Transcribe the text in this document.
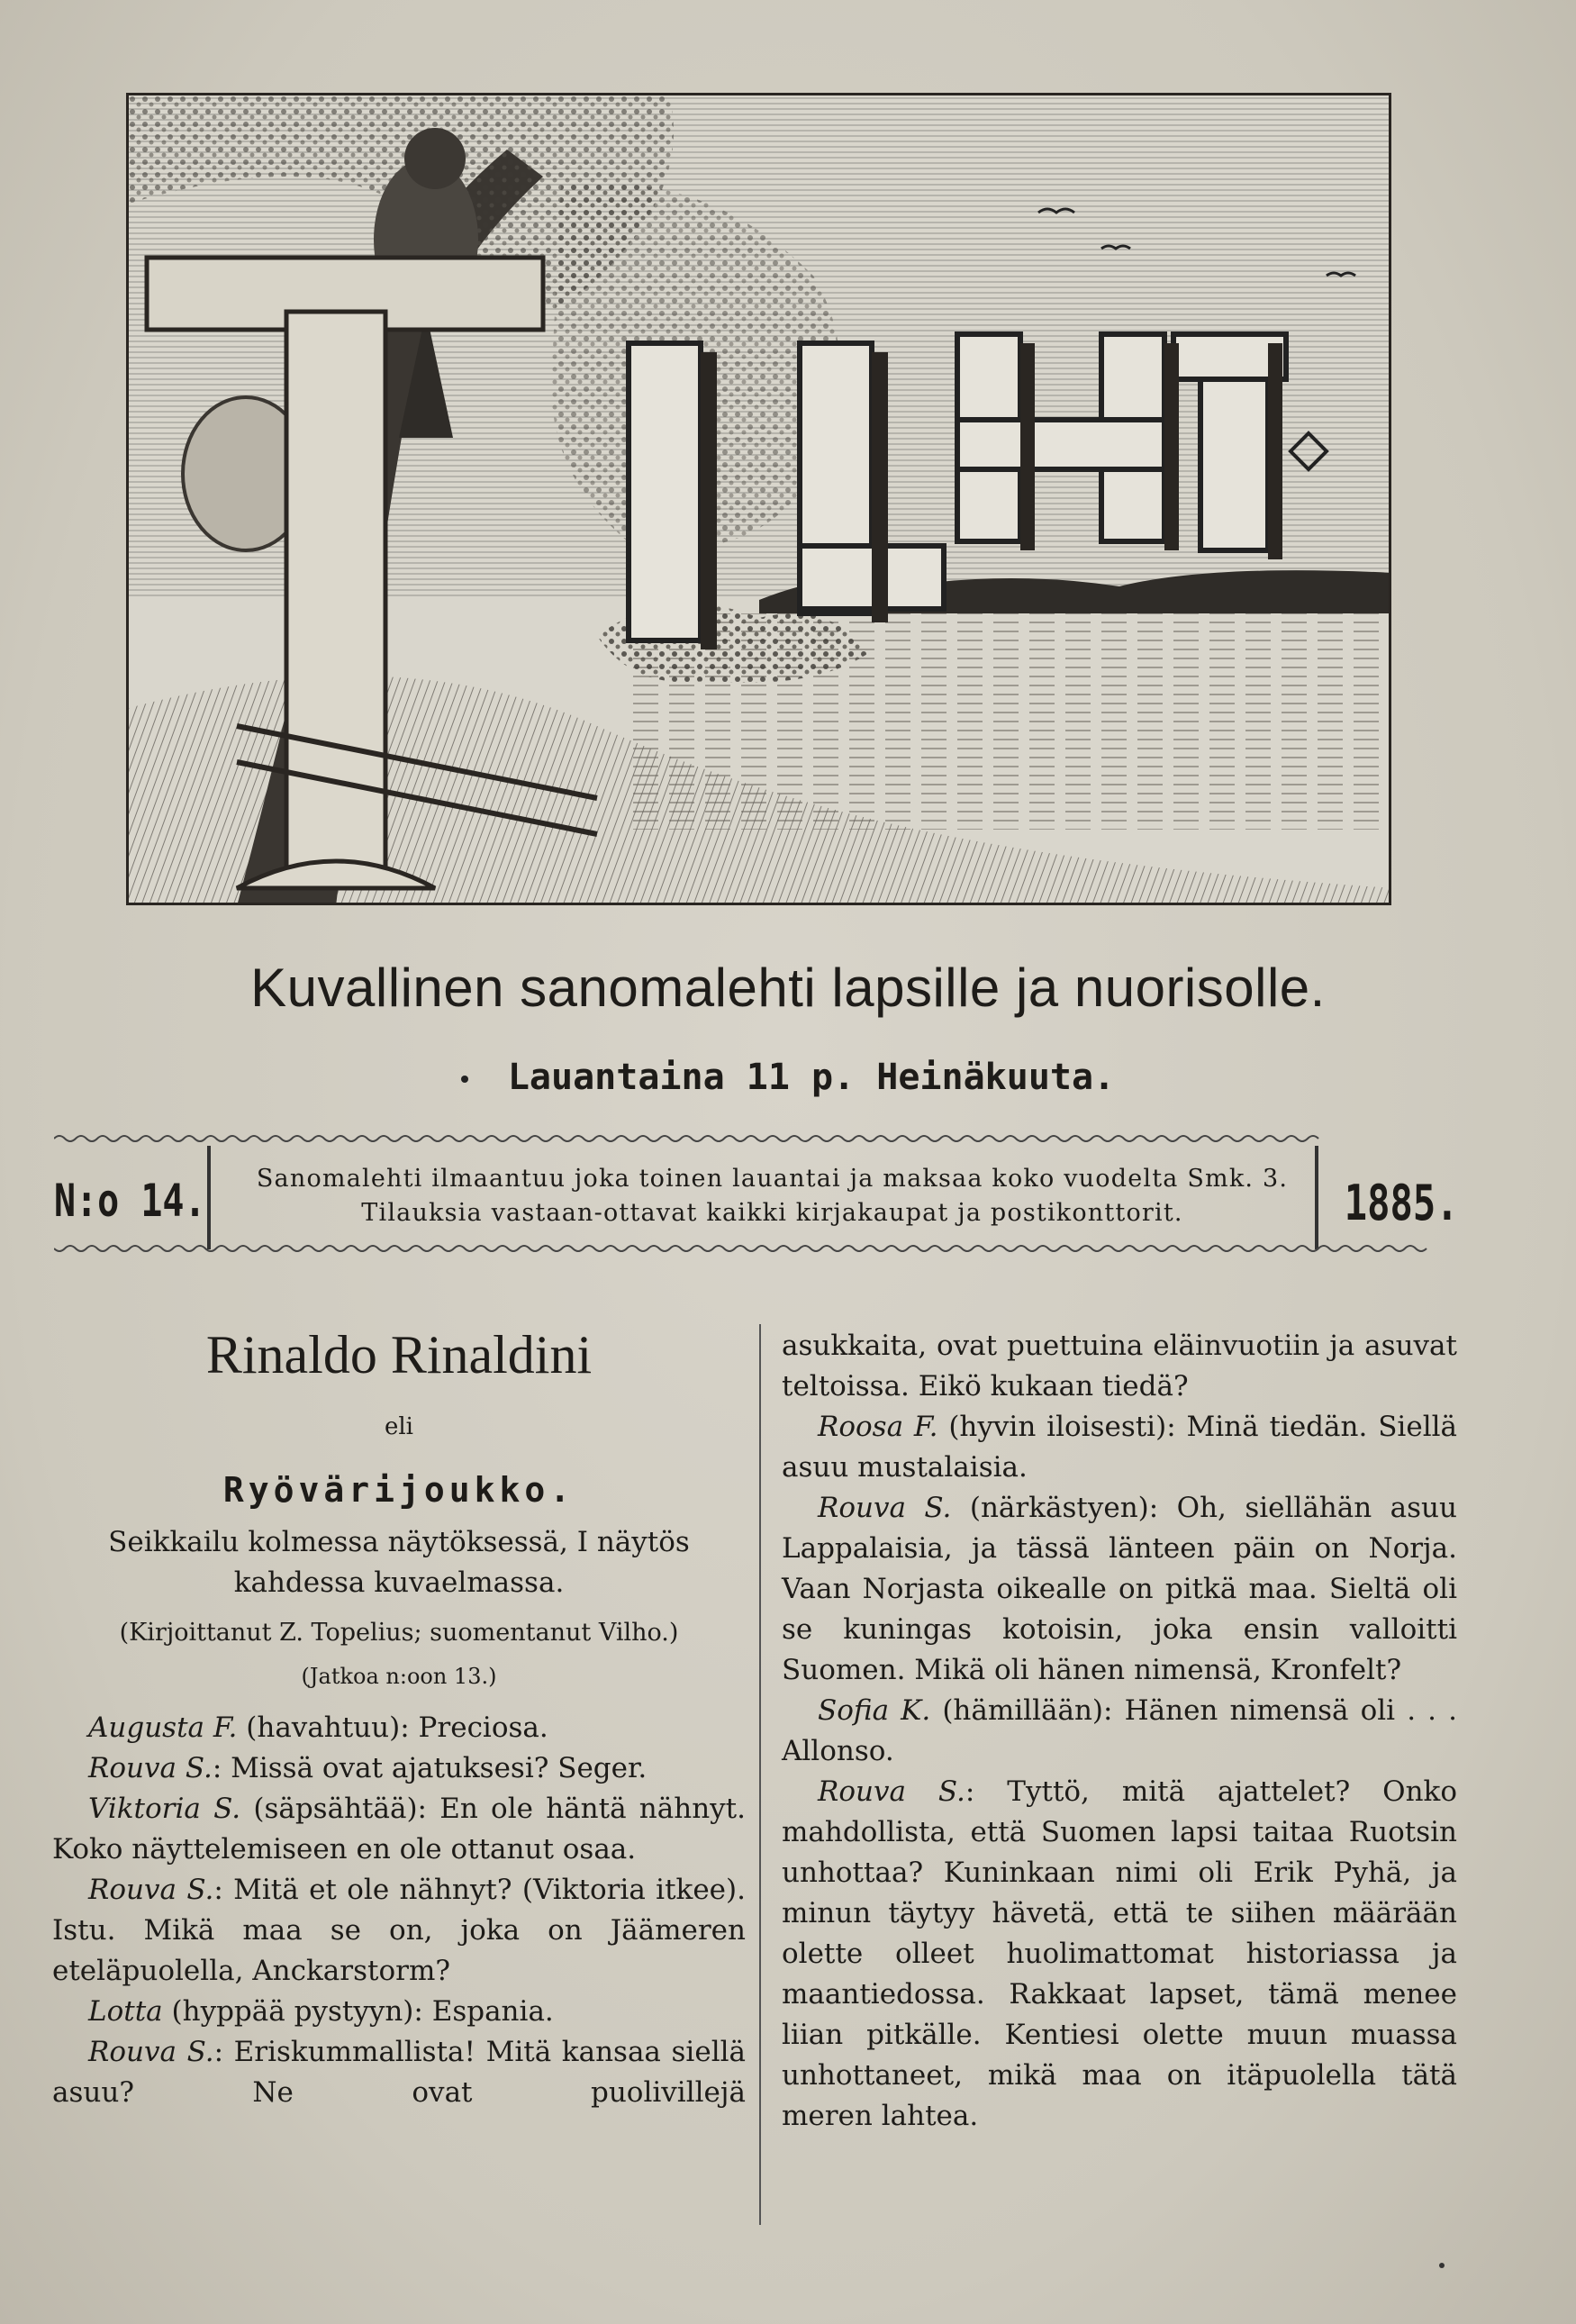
Kuvallinen sanomalehti lapsille ja nuorisolle.
Lauantaina 11 p. Heinäkuuta.
N:o 14.	Sanomalehti ilmaantuu joka toinen lauantai ja maksaa koko vuodelta Smk. 3.
Tilauksia vastaan-ottavat kaikki kirjakaupat ja postikonttorit.	1885.
Rinaldo Rinaldini
eli
Ryövärijoukko.
Seikkailu kolmessa näytöksessä, I näytös
kahdessa kuvaelmassa.
(Kirjoittanut Z. Topelius; suomentanut Vilho.)
(Jatkoa n:oon 13.)

Augusta F. (havahtuu): Preciosa.

Rouva S.: Missä ovat ajatuksesi? Seger.

Viktoria S. (säpsähtää): En ole häntä nähnyt. Koko näyttelemiseen en ole ottanut osaa.

Rouva S.: Mitä et ole nähnyt? (Viktoria itkee). Istu. Mikä maa se on, joka on Jäämeren eteläpuolella, Anckarstorm?

Lotta (hyppää pystyyn): Espania.

Rouva S.: Eriskummallista! Mitä kansaa siellä asuu? Ne ovat puolivillejä

asukkaita, ovat puettuina eläinvuotiin ja asuvat teltoissa. Eikö kukaan tiedä?

Roosa F. (hyvin iloisesti): Minä tiedän. Siellä asuu mustalaisia.

Rouva S. (närkästyen): Oh, siellähän asuu Lappalaisia, ja tässä länteen päin on Norja. Vaan Norjasta oikealle on pitkä maa. Sieltä oli se kuningas kotoisin, joka ensin valloitti Suomen. Mikä oli hänen nimensä, Kronfelt?

Sofia K. (hämillään): Hänen nimensä oli . . . Allonso.

Rouva S.: Tyttö, mitä ajattelet? Onko mahdollista, että Suomen lapsi taitaa Ruotsin unhottaa? Kuninkaan nimi oli Erik Pyhä, ja minun täytyy hävetä, että te siihen määrään olette olleet huolimattomat historiassa ja maantiedossa. Rakkaat lapset, tämä menee liian pitkälle. Kentiesi olette muun muassa unhottaneet, mikä maa on itäpuolella tätä meren lahtea.
